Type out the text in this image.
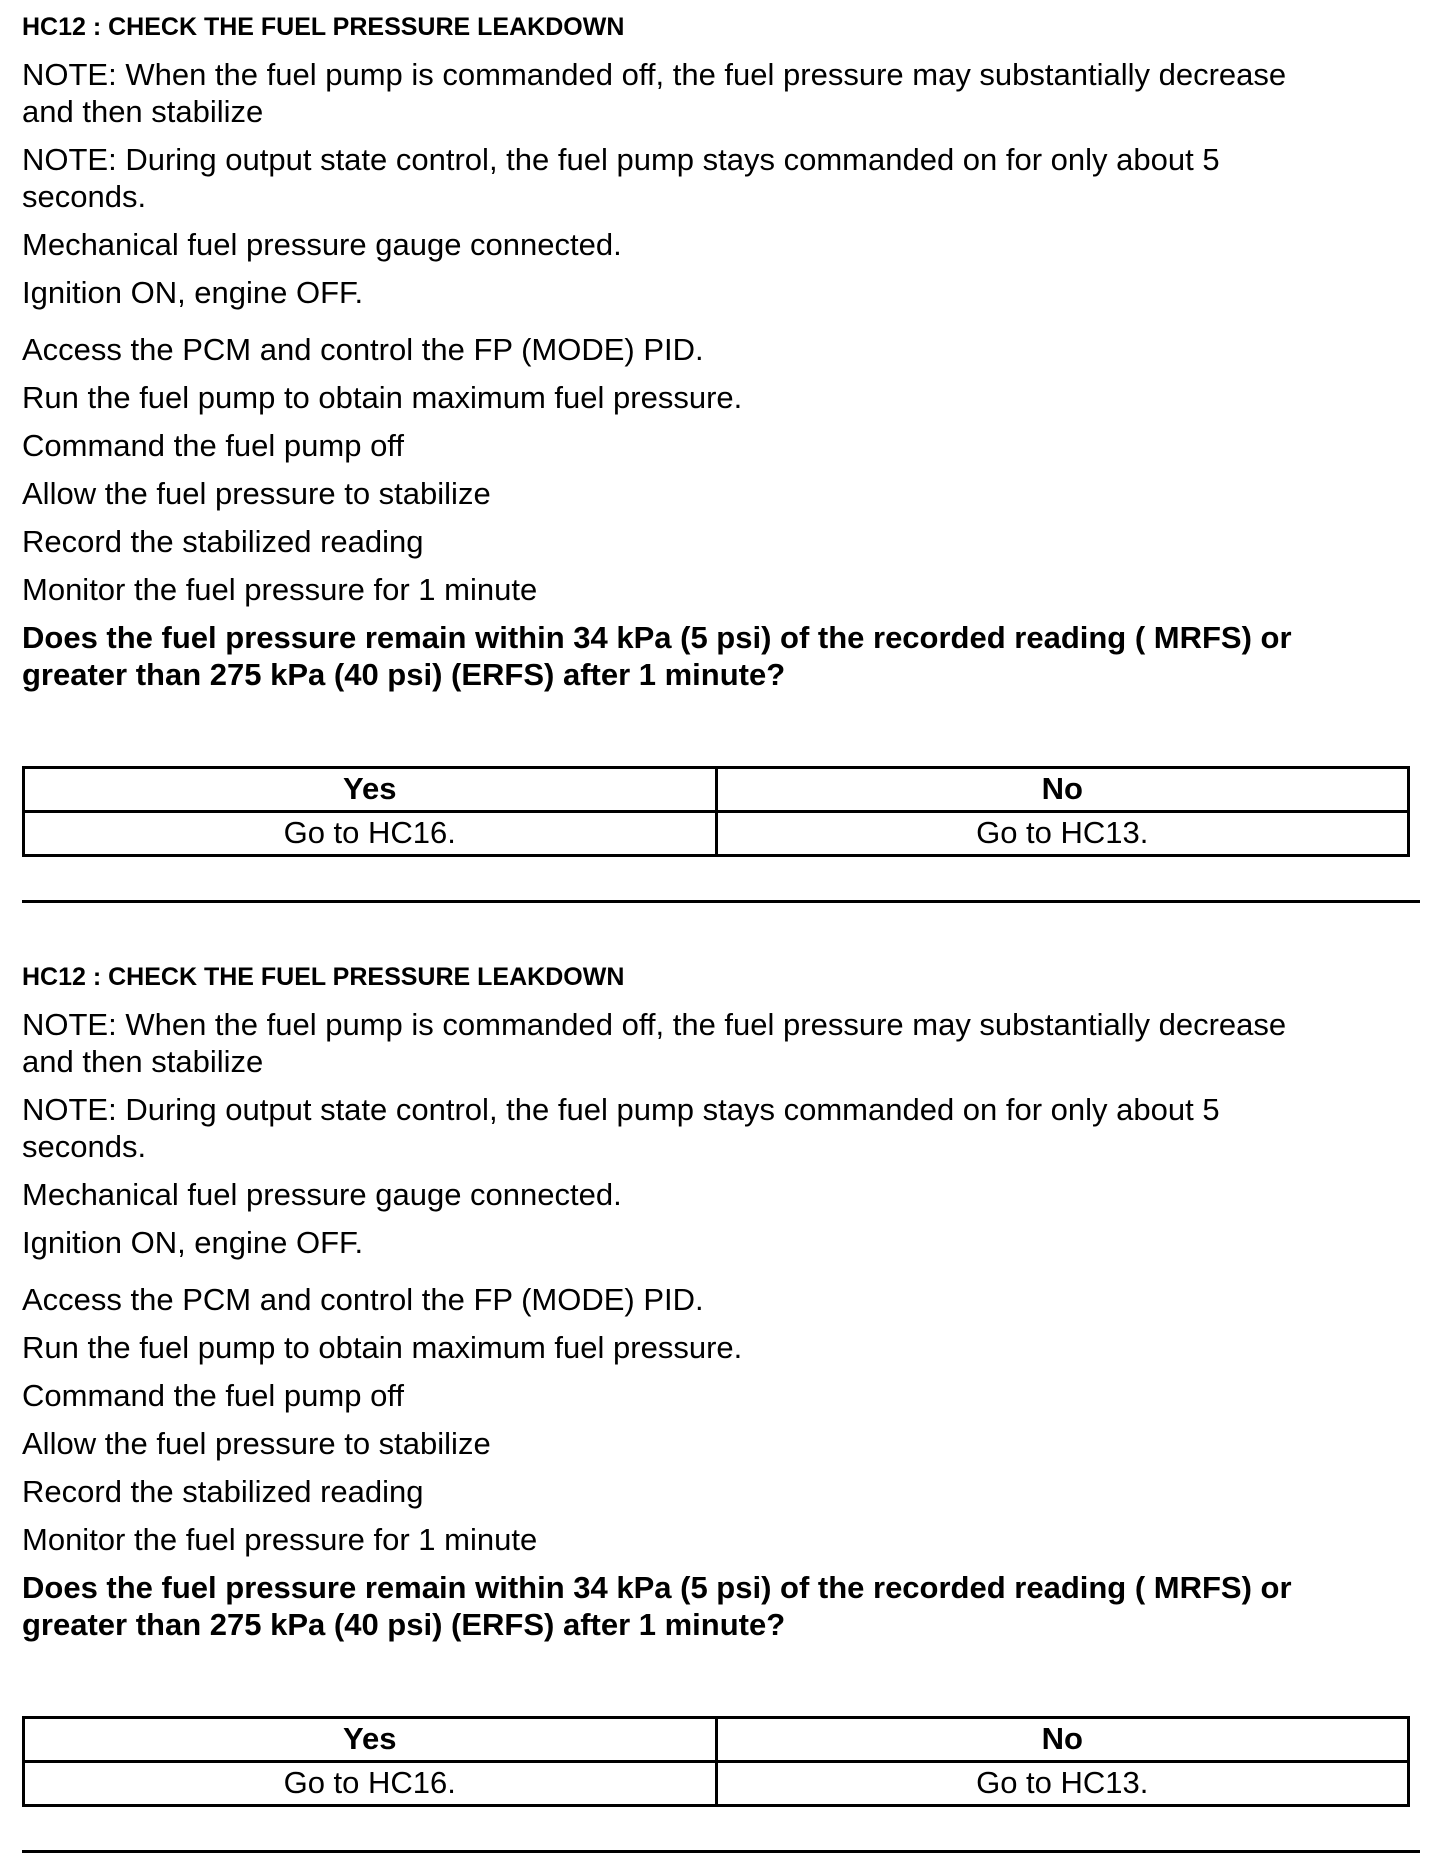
HC12 : CHECK THE FUEL PRESSURE LEAKDOWN
NOTE: When the fuel pump is commanded off, the fuel pressure may substantially decrease
and then stabilize
NOTE: During output state control, the fuel pump stays commanded on for only about 5
seconds.
Mechanical fuel pressure gauge connected.
Ignition ON, engine OFF.
Access the PCM and control the FP (MODE) PID.
Run the fuel pump to obtain maximum fuel pressure.
Command the fuel pump off
Allow the fuel pressure to stabilize
Record the stabilized reading
Monitor the fuel pressure for 1 minute
Does the fuel pressure remain within 34 kPa (5 psi) of the recorded reading ( MRFS) or
greater than 275 kPa (40 psi) (ERFS) after 1 minute?
Yes	No
Go to HC16.	Go to HC13.
HC12 : CHECK THE FUEL PRESSURE LEAKDOWN
NOTE: When the fuel pump is commanded off, the fuel pressure may substantially decrease
and then stabilize
NOTE: During output state control, the fuel pump stays commanded on for only about 5
seconds.
Mechanical fuel pressure gauge connected.
Ignition ON, engine OFF.
Access the PCM and control the FP (MODE) PID.
Run the fuel pump to obtain maximum fuel pressure.
Command the fuel pump off
Allow the fuel pressure to stabilize
Record the stabilized reading
Monitor the fuel pressure for 1 minute
Does the fuel pressure remain within 34 kPa (5 psi) of the recorded reading ( MRFS) or
greater than 275 kPa (40 psi) (ERFS) after 1 minute?
Yes	No
Go to HC16.	Go to HC13.
